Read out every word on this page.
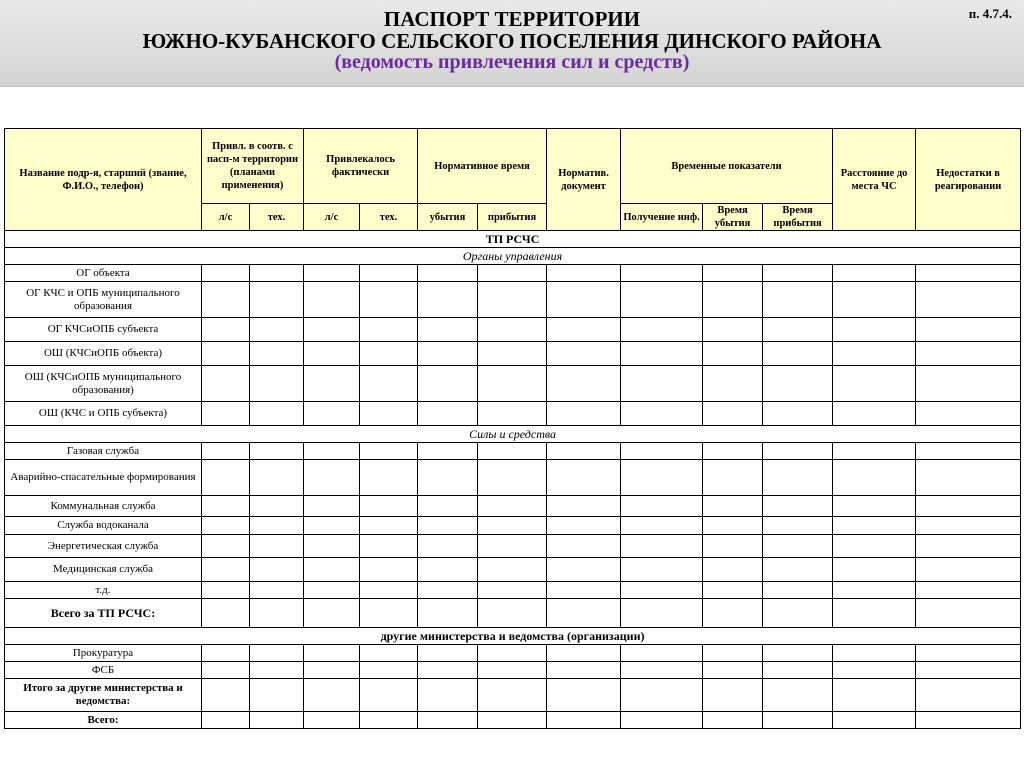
ПАСПОРТ ТЕРРИТОРИИ
ЮЖНО-КУБАНСКОГО СЕЛЬСКОГО ПОСЕЛЕНИЯ ДИНСКОГО РАЙОНА
(ведомость привлечения сил и средств)
п. 4.7.4.
Название подр-я, старший (звание, Ф.И.О., телефон)	Привл. в соотв. с пасп-м территории (планами применения)		Привлекалось фактически		Нормативное время		Норматив. документ	Временные показатели			Расстояние до места ЧС	Недостатки в реагировании
	л/с	тех.	л/с	тех.	убытия	прибытия		Получение инф.	Время убытия	Время прибытия		
ТП РСЧС												
Органы управления												
ОГ объекта												
ОГ КЧС и ОПБ муниципального образования												
ОГ КЧСиОПБ субъекта												
ОШ (КЧСиОПБ объекта)												
ОШ (КЧСиОПБ муниципального образования)												
ОШ (КЧС и ОПБ субъекта)												
Силы и средства												
Газовая служба												
Аварийно-спасательные формирования												
Коммунальная служба												
Служба водоканала												
Энергетическая служба												
Медицинская служба												
т.д.												
Всего за ТП РСЧС:												
другие министерства и ведомства (организации)												
Прокуратура												
ФСБ												
Итого за другие министерства и ведомства:												
Всего:												
